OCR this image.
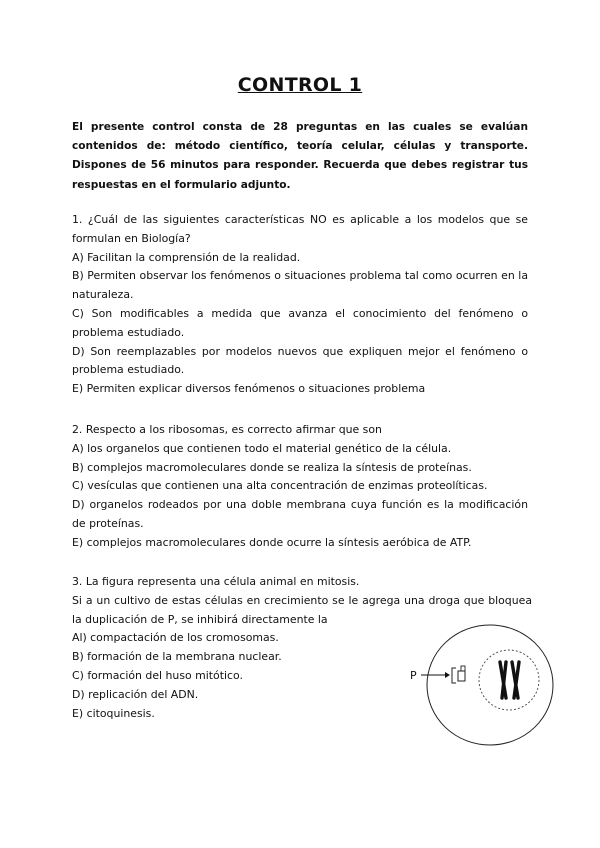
CONTROL 1
El presente control consta de 28 preguntas en las cuales se evalúan contenidos de: método científico, teoría celular, células y transporte. Dispones de 56 minutos para responder. Recuerda que debes registrar tus respuestas en el formulario adjunto.

1. ¿Cuál de las siguientes características NO es aplicable a los modelos que se formulan en Biología?

A) Facilitan la comprensión de la realidad.

B) Permiten observar los fenómenos o situaciones problema tal como ocurren en la naturaleza.

C) Son modificables a medida que avanza el conocimiento del fenómeno o problema estudiado.

D) Son reemplazables por modelos nuevos que expliquen mejor el fenómeno o problema estudiado.

E) Permiten explicar diversos fenómenos o situaciones problema

2. Respecto a los ribosomas, es correcto afirmar que son

A) los organelos que contienen todo el material genético de la célula.

B) complejos macromoleculares donde se realiza la síntesis de proteínas.

C) vesículas que contienen una alta concentración de enzimas proteolíticas.

D) organelos rodeados por una doble membrana cuya función es la modificación de proteínas.

E) complejos macromoleculares donde ocurre la síntesis aeróbica de ATP.

3. La figura representa una célula animal en mitosis.

Si a un cultivo de estas células en crecimiento se le agrega una droga que bloquea la duplicación de P, se inhibirá directamente la

Al) compactación de los cromosomas.

B) formación de la membrana nuclear.

C) formación del huso mitótico.

D) replicación del ADN.

E) citoquinesis.

P
